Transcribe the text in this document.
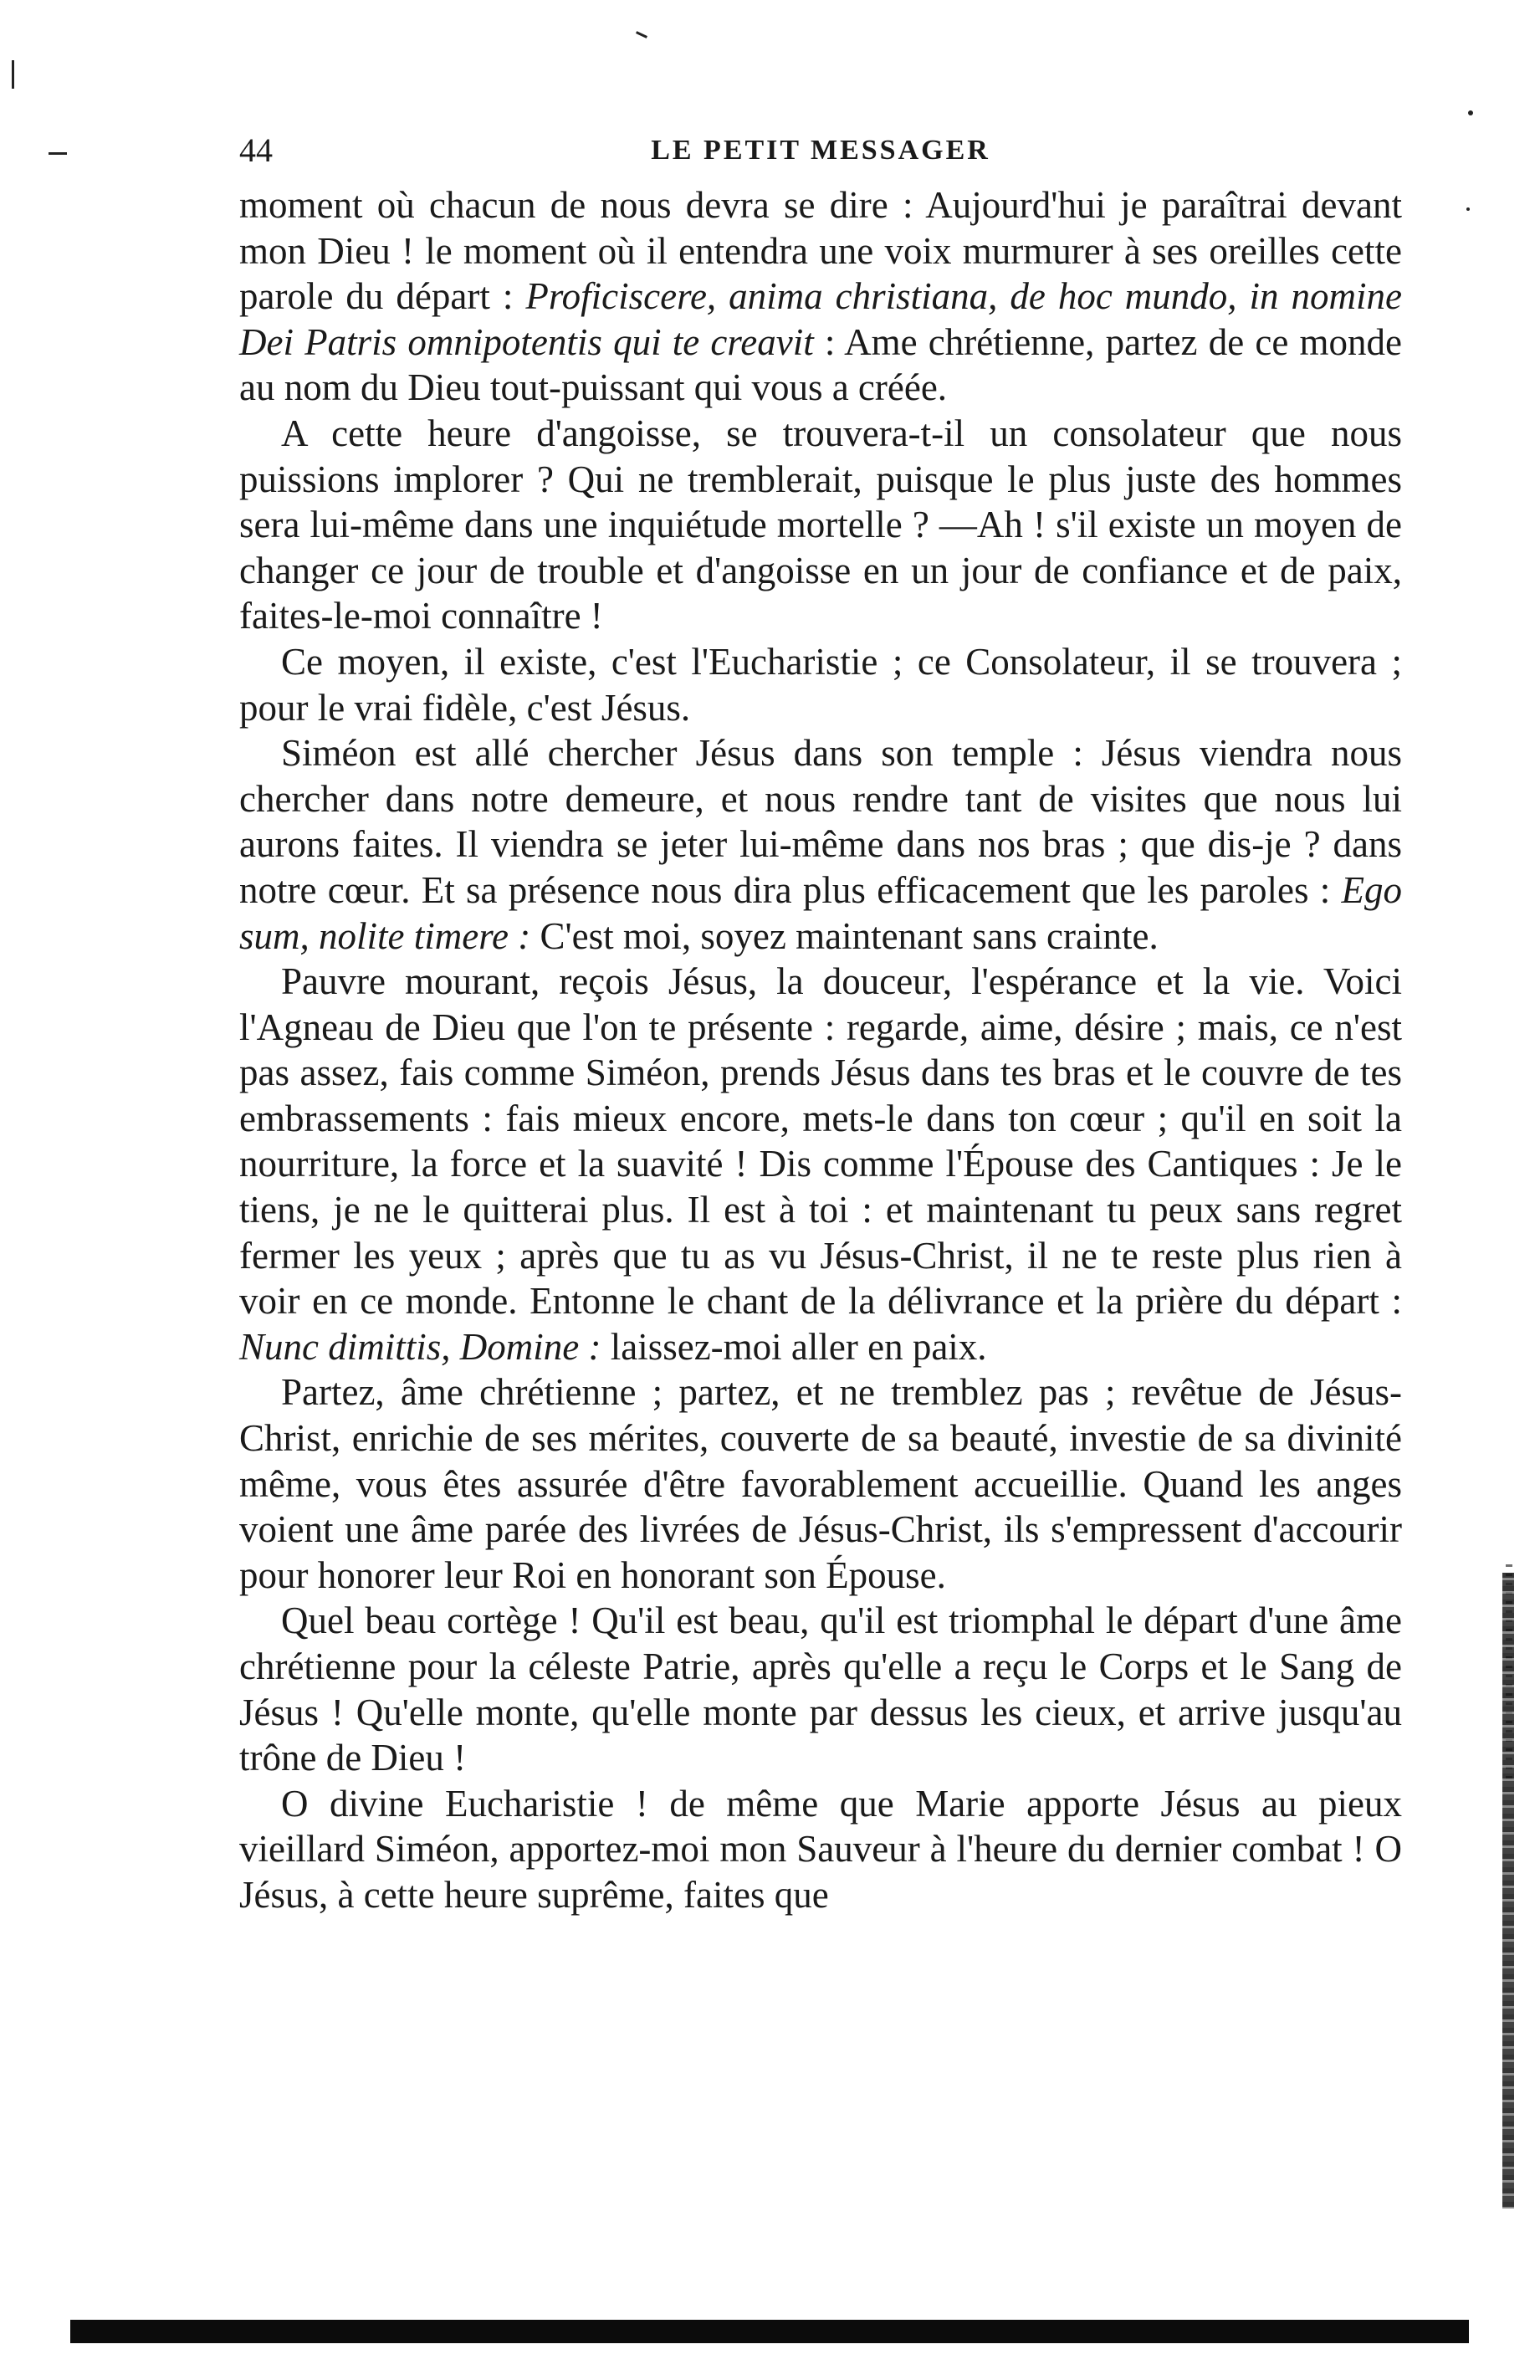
44	LE PETIT MESSAGER

moment où chacun de nous devra se dire : Aujourd'hui je paraîtrai devant mon Dieu ! le moment où il entendra une voix murmurer à ses oreilles cette parole du départ : Proficiscere, anima christiana, de hoc mundo, in nomine Dei Patris omnipotentis qui te creavit : Ame chrétienne, partez de ce monde au nom du Dieu tout-puissant qui vous a créée.

A cette heure d'angoisse, se trouvera-t-il un consolateur que nous puissions implorer ? Qui ne tremblerait, puisque le plus juste des hommes sera lui-même dans une inquiétude mortelle ? —Ah ! s'il existe un moyen de changer ce jour de trouble et d'angoisse en un jour de confiance et de paix, faites-le-moi connaître !

Ce moyen, il existe, c'est l'Eucharistie ; ce Consolateur, il se trouvera ; pour le vrai fidèle, c'est Jésus.

Siméon est allé chercher Jésus dans son temple : Jésus viendra nous chercher dans notre demeure, et nous rendre tant de visites que nous lui aurons faites. Il viendra se jeter lui-même dans nos bras ; que dis-je ? dans notre cœur. Et sa présence nous dira plus efficacement que les paroles : Ego sum, nolite timere : C'est moi, soyez maintenant sans crainte.

Pauvre mourant, reçois Jésus, la douceur, l'espérance et la vie. Voici l'Agneau de Dieu que l'on te présente : regarde, aime, désire ; mais, ce n'est pas assez, fais comme Siméon, prends Jésus dans tes bras et le couvre de tes embrassements : fais mieux encore, mets-le dans ton cœur ; qu'il en soit la nourriture, la force et la suavité ! Dis comme l'Épouse des Cantiques : Je le tiens, je ne le quitterai plus. Il est à toi : et maintenant tu peux sans regret fermer les yeux ; après que tu as vu Jésus-Christ, il ne te reste plus rien à voir en ce monde. Entonne le chant de la délivrance et la prière du départ : Nunc dimittis, Domine : laissez-moi aller en paix.

Partez, âme chrétienne ; partez, et ne tremblez pas ; revêtue de Jésus-Christ, enrichie de ses mérites, couverte de sa beauté, investie de sa divinité même, vous êtes assurée d'être favorablement accueillie. Quand les anges voient une âme parée des livrées de Jésus-Christ, ils s'empressent d'accourir pour honorer leur Roi en honorant son Épouse.

Quel beau cortège ! Qu'il est beau, qu'il est triomphal le départ d'une âme chrétienne pour la céleste Patrie, après qu'elle a reçu le Corps et le Sang de Jésus ! Qu'elle monte, qu'elle monte par dessus les cieux, et arrive jusqu'au trône de Dieu !

O divine Eucharistie ! de même que Marie apporte Jésus au pieux vieillard Siméon, apportez-moi mon Sauveur à l'heure du dernier combat ! O Jésus, à cette heure suprême, faites que
